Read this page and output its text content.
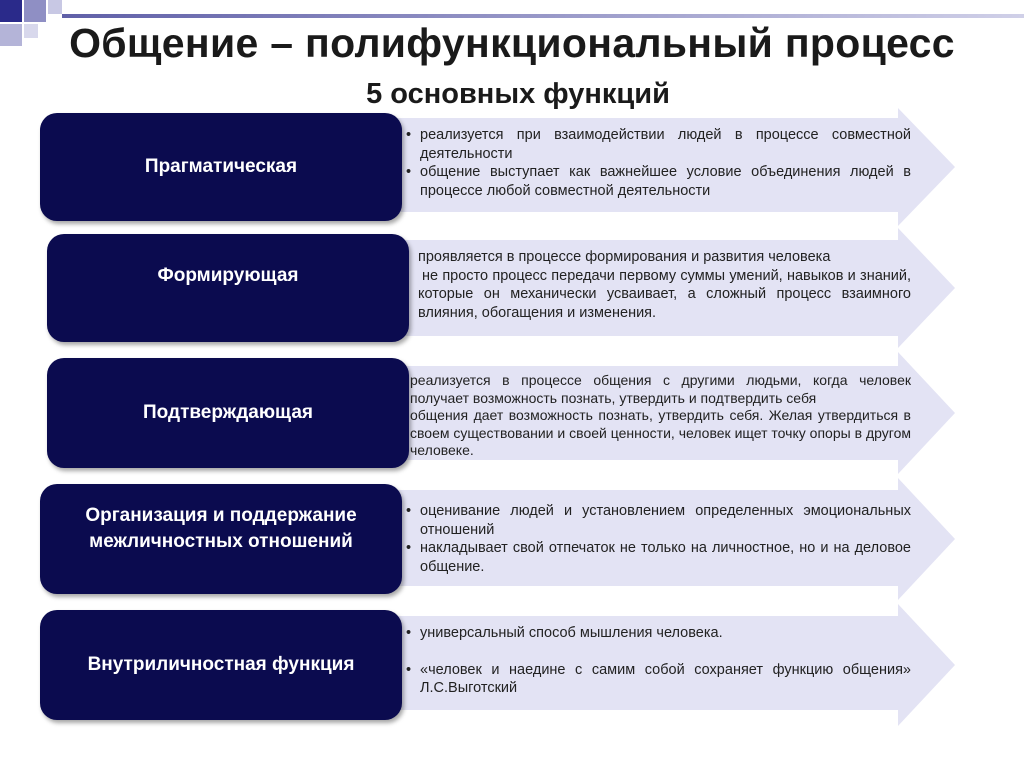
Общение – полифункциональный процесс
5 основных функций
Прагматическая
• реализуется при взаимодействии людей в процессе совместной деятельности
• общение выступает как важнейшее условие объединения людей в процессе любой совместной деятельности
Формирующая

проявляется в процессе формирования и развития человека

не просто процесс передачи первому суммы умений, навыков и знаний, которые он механически усваивает, а сложный процесс взаимного влияния, обогащения и изменения.

Подтверждающая

реализуется в процессе общения с другими людьми, когда человек получает возможность познать, утвердить и подтвердить себя

общения дает возможность познать, утвердить себя. Желая утвердиться в своем существовании и своей ценности, человек ищет точку опоры в другом человеке.

Организация и поддержание межличностных отношений
• оценивание людей и установлением определенных эмоциональных отношений
• накладывает свой отпечаток не только на личностное, но и на деловое общение.
Внутриличностная функция
• универсальный способ мышления человека.
• «человек и наедине с самим собой сохраняет функцию общения» Л.С.Выготский
